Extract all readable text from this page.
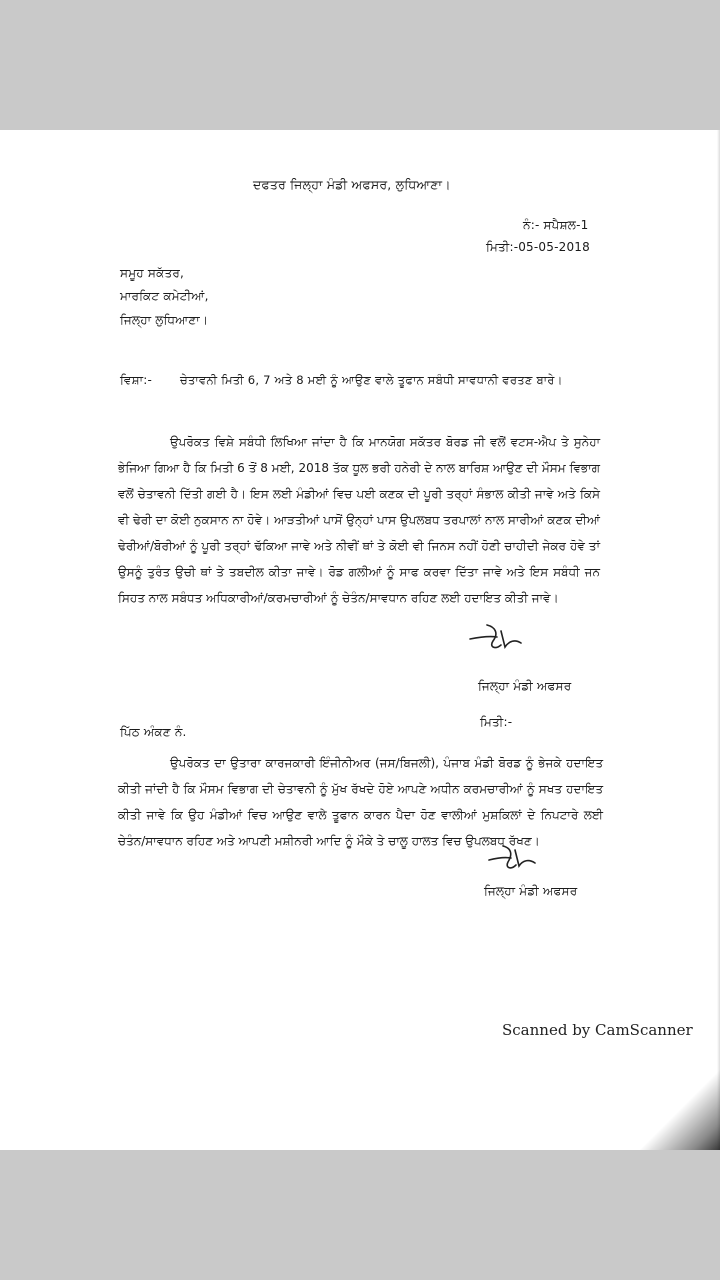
ਦਫਤਰ ਜਿਲ੍ਹਾ ਮੰਡੀ ਅਫਸਰ, ਲੁਧਿਆਣਾ।
ਨੰ:- ਸਪੈਸ਼ਲ-1
ਮਿਤੀ:-05-05-2018
ਸਮੂਹ ਸਕੱਤਰ,
ਮਾਰਕਿਟ ਕਮੇਟੀਆਂ,
ਜਿਲ੍ਹਾ ਲੁਧਿਆਣਾ।
ਵਿਸ਼ਾ:- ਚੇਤਾਵਨੀ ਮਿਤੀ 6, 7 ਅਤੇ 8 ਮਈ ਨੂੰ ਆਉਣ ਵਾਲੇ ਤੂਫਾਨ ਸਬੰਧੀ ਸਾਵਧਾਨੀ ਵਰਤਣ ਬਾਰੇ।
ਉਪਰੋਕਤ ਵਿਸ਼ੇ ਸਬੰਧੀ ਲਿਖਿਆ ਜਾਂਦਾ ਹੈ ਕਿ ਮਾਨਯੋਗ ਸਕੱਤਰ ਬੋਰਡ ਜੀ ਵਲੋਂ ਵਟਸ-ਐਪ ਤੇ ਸੁਨੇਹਾ ਭੇਜਿਆ ਗਿਆ ਹੈ ਕਿ ਮਿਤੀ 6 ਤੋਂ 8 ਮਈ, 2018 ਤੱਕ ਧੂਲ ਭਰੀ ਹਨੇਰੀ ਦੇ ਨਾਲ ਬਾਰਿਸ਼ ਆਉਣ ਦੀ ਮੌਸਮ ਵਿਭਾਗ ਵਲੋਂ ਚੇਤਾਵਨੀ ਦਿੱਤੀ ਗਈ ਹੈ। ਇਸ ਲਈ ਮੰਡੀਆਂ ਵਿਚ ਪਈ ਕਣਕ ਦੀ ਪੂਰੀ ਤਰ੍ਹਾਂ ਸੰਭਾਲ ਕੀਤੀ ਜਾਵੇ ਅਤੇ ਕਿਸੇ ਵੀ ਢੇਰੀ ਦਾ ਕੋਈ ਨੁਕਸਾਨ ਨਾ ਹੋਵੇ। ਆੜਤੀਆਂ ਪਾਸੋਂ ਉਨ੍ਹਾਂ ਪਾਸ ਉਪਲਬਧ ਤਰਪਾਲਾਂ ਨਾਲ ਸਾਰੀਆਂ ਕਣਕ ਦੀਆਂ ਢੇਰੀਆਂ/ਬੋਰੀਆਂ ਨੂੰ ਪੂਰੀ ਤਰ੍ਹਾਂ ਢੱਕਿਆ ਜਾਵੇ ਅਤੇ ਨੀਵੀਂ ਥਾਂ ਤੇ ਕੋਈ ਵੀ ਜਿਨਸ ਨਹੀਂ ਹੋਣੀ ਚਾਹੀਦੀ ਜੇਕਰ ਹੋਵੇ ਤਾਂ ਉਸਨੂੰ ਤੁਰੰਤ ਉਚੀ ਥਾਂ ਤੇ ਤਬਦੀਲ ਕੀਤਾ ਜਾਵੇ। ਰੋਡ ਗਲੀਆਂ ਨੂੰ ਸਾਫ ਕਰਵਾ ਦਿੱਤਾ ਜਾਵੇ ਅਤੇ ਇਸ ਸਬੰਧੀ ਜਨ ਸਿਹਤ ਨਾਲ ਸਬੰਧਤ ਅਧਿਕਾਰੀਆਂ/ਕਰਮਚਾਰੀਆਂ ਨੂੰ ਚੇਤੰਨ/ਸਾਵਧਾਨ ਰਹਿਣ ਲਈ ਹਦਾਇਤ ਕੀਤੀ ਜਾਵੇ।
ਜਿਲ੍ਹਾ ਮੰਡੀ ਅਫਸਰ
ਪਿੱਠ ਅੰਕਣ ਨੰ.
ਮਿਤੀ:-
ਉਪਰੋਕਤ ਦਾ ਉਤਾਰਾ ਕਾਰਜਕਾਰੀ ਇੰਜੀਨੀਅਰ (ਜਸ/ਬਿਜਲੀ), ਪੰਜਾਬ ਮੰਡੀ ਬੋਰਡ ਨੂੰ ਭੇਜਕੇ ਹਦਾਇਤ ਕੀਤੀ ਜਾਂਦੀ ਹੈ ਕਿ ਮੌਸਮ ਵਿਭਾਗ ਦੀ ਚੇਤਾਵਨੀ ਨੂੰ ਮੁੱਖ ਰੱਖਦੇ ਹੋਏ ਆਪਣੇ ਅਧੀਨ ਕਰਮਚਾਰੀਆਂ ਨੂੰ ਸਖਤ ਹਦਾਇਤ ਕੀਤੀ ਜਾਵੇ ਕਿ ਉਹ ਮੰਡੀਆਂ ਵਿਚ ਆਉਣ ਵਾਲੇ ਤੂਫਾਨ ਕਾਰਨ ਪੈਦਾ ਹੋਣ ਵਾਲੀਆਂ ਮੁਸ਼ਕਿਲਾਂ ਦੇ ਨਿਪਟਾਰੇ ਲਈ ਚੇਤੰਨ/ਸਾਵਧਾਨ ਰਹਿਣ ਅਤੇ ਆਪਣੀ ਮਸ਼ੀਨਰੀ ਆਦਿ ਨੂੰ ਮੌਕੇ ਤੇ ਚਾਲੂ ਹਾਲਤ ਵਿਚ ਉਪਲਬਧ ਰੱਖਣ।
ਜਿਲ੍ਹਾ ਮੰਡੀ ਅਫਸਰ
Scanned by CamScanner
